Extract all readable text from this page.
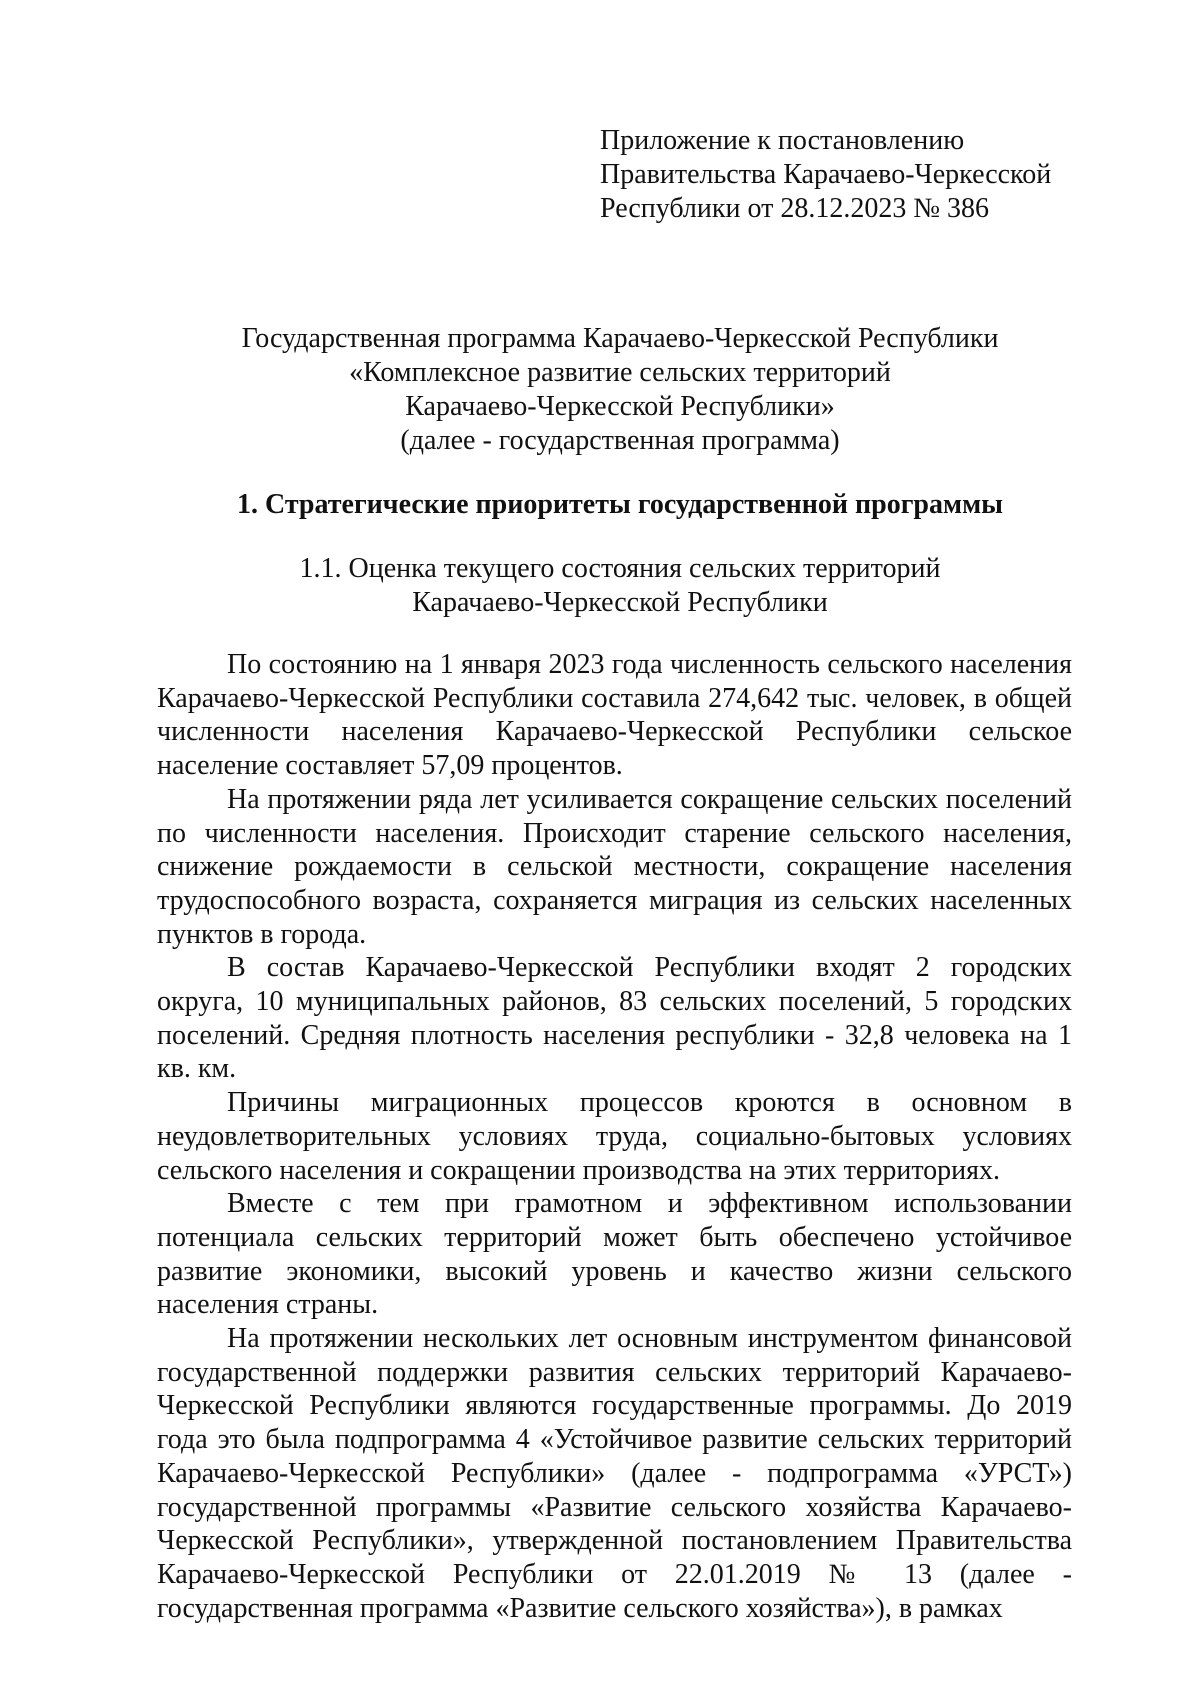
Приложение к постановлению
Правительства Карачаево-Черкесской
Республики от 28.12.2023 № 386
Государственная программа Карачаево-Черкесской Республики
«Комплексное развитие сельских территорий
Карачаево-Черкесской Республики»
(далее - государственная программа)
1. Стратегические приоритеты государственной программы
1.1. Оценка текущего состояния сельских территорий
Карачаево-Черкесской Республики

По состоянию на 1 января 2023 года численность сельского населения Карачаево-Черкесской Республики составила 274,642 тыс. человек, в общей численности населения Карачаево-Черкесской Республики сельское население составляет 57,09 процентов.

На протяжении ряда лет усиливается сокращение сельских поселений по численности населения. Происходит старение сельского населения, снижение рождаемости в сельской местности, сокращение населения трудоспособного возраста, сохраняется миграция из сельских населенных пунктов в города.

В состав Карачаево-Черкесской Республики входят 2 городских округа, 10 муниципальных районов, 83 сельских поселений, 5 городских поселений. Средняя плотность населения республики - 32,8 человека на 1 кв. км.

Причины миграционных процессов кроются в основном в неудовлетворительных условиях труда, социально-бытовых условиях сельского населения и сокращении производства на этих территориях.

Вместе с тем при грамотном и эффективном использовании потенциала сельских территорий может быть обеспечено устойчивое развитие экономики, высокий уровень и качество жизни сельского населения страны.

На протяжении нескольких лет основным инструментом финансовой государственной поддержки развития сельских территорий Карачаево-Черкесской Республики являются государственные программы. До 2019 года это была подпрограмма 4 «Устойчивое развитие сельских территорий Карачаево-Черкесской Республики» (далее - подпрограмма «УРСТ») государственной программы «Развитие сельского хозяйства Карачаево-Черкесской Республики», утвержденной постановлением Правительства Карачаево-Черкесской Республики от 22.01.2019 № 13 (далее - государственная программа «Развитие сельского хозяйства»), в рамках
